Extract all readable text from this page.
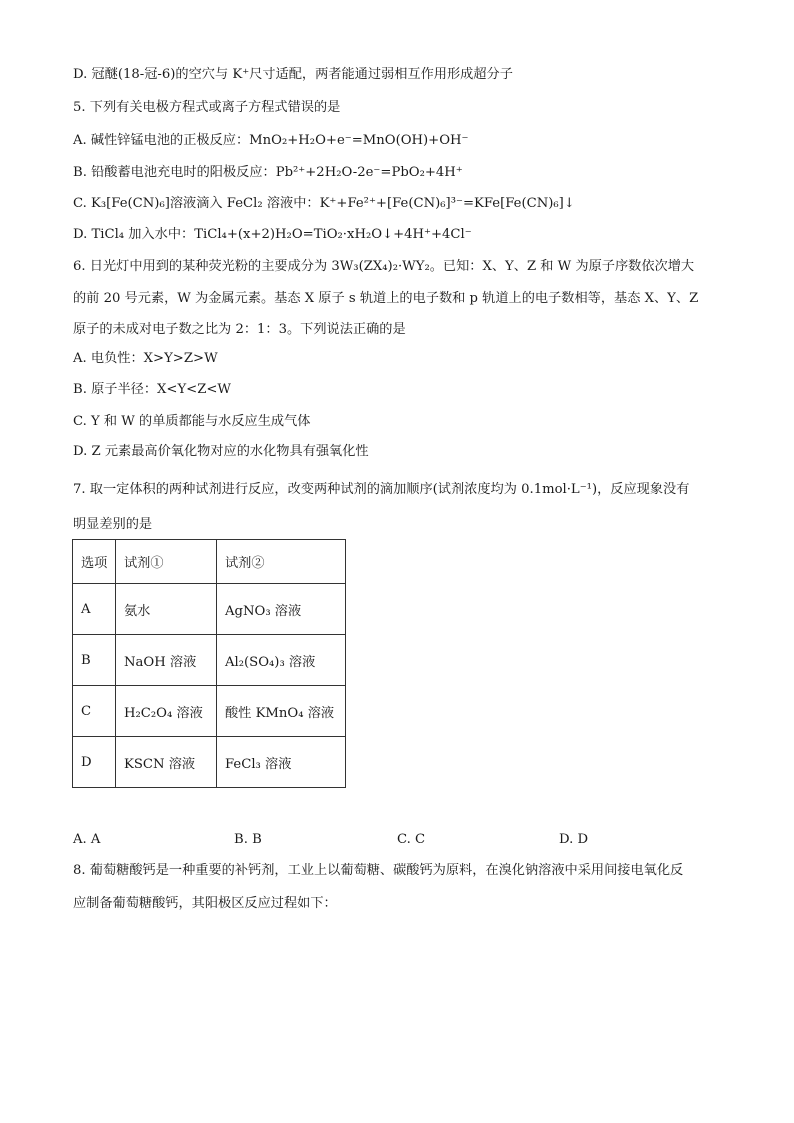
D. 冠醚(18-冠-6)的空穴与 K⁺尺寸适配，两者能通过弱相互作用形成超分子
5. 下列有关电极方程式或离子方程式错误的是
A. 碱性锌锰电池的正极反应：MnO₂+H₂O+e⁻=MnO(OH)+OH⁻
B. 铅酸蓄电池充电时的阳极反应：Pb²⁺+2H₂O-2e⁻=PbO₂+4H⁺
C. K₃[Fe(CN)₆]溶液滴入 FeCl₂ 溶液中：K⁺+Fe²⁺+[Fe(CN)₆]³⁻=KFe[Fe(CN)₆]↓
D. TiCl₄ 加入水中：TiCl₄+(x+2)H₂O=TiO₂·xH₂O↓+4H⁺+4Cl⁻
6. 日光灯中用到的某种荧光粉的主要成分为 3W₃(ZX₄)₂·WY₂。已知：X、Y、Z 和 W 为原子序数依次增大
的前 20 号元素，W 为金属元素。基态 X 原子 s 轨道上的电子数和 p 轨道上的电子数相等，基态 X、Y、Z
原子的未成对电子数之比为 2：1：3。下列说法正确的是
A. 电负性：X>Y>Z>W
B. 原子半径：X<Y<Z<W
C. Y 和 W 的单质都能与水反应生成气体
D. Z 元素最高价氧化物对应的水化物具有强氧化性
7. 取一定体积的两种试剂进行反应，改变两种试剂的滴加顺序(试剂浓度均为 0.1mol·L⁻¹)，反应现象没有
明显差别的是
选项	试剂①	试剂②
A	氨水	AgNO₃ 溶液
B	NaOH 溶液	Al₂(SO₄)₃ 溶液
C	H₂C₂O₄ 溶液	酸性 KMnO₄ 溶液
D	KSCN 溶液	FeCl₃ 溶液
A. A	B. B	C. C	D. D
8. 葡萄糖酸钙是一种重要的补钙剂，工业上以葡萄糖、碳酸钙为原料，在溴化钠溶液中采用间接电氧化反
应制备葡萄糖酸钙，其阳极区反应过程如下：
